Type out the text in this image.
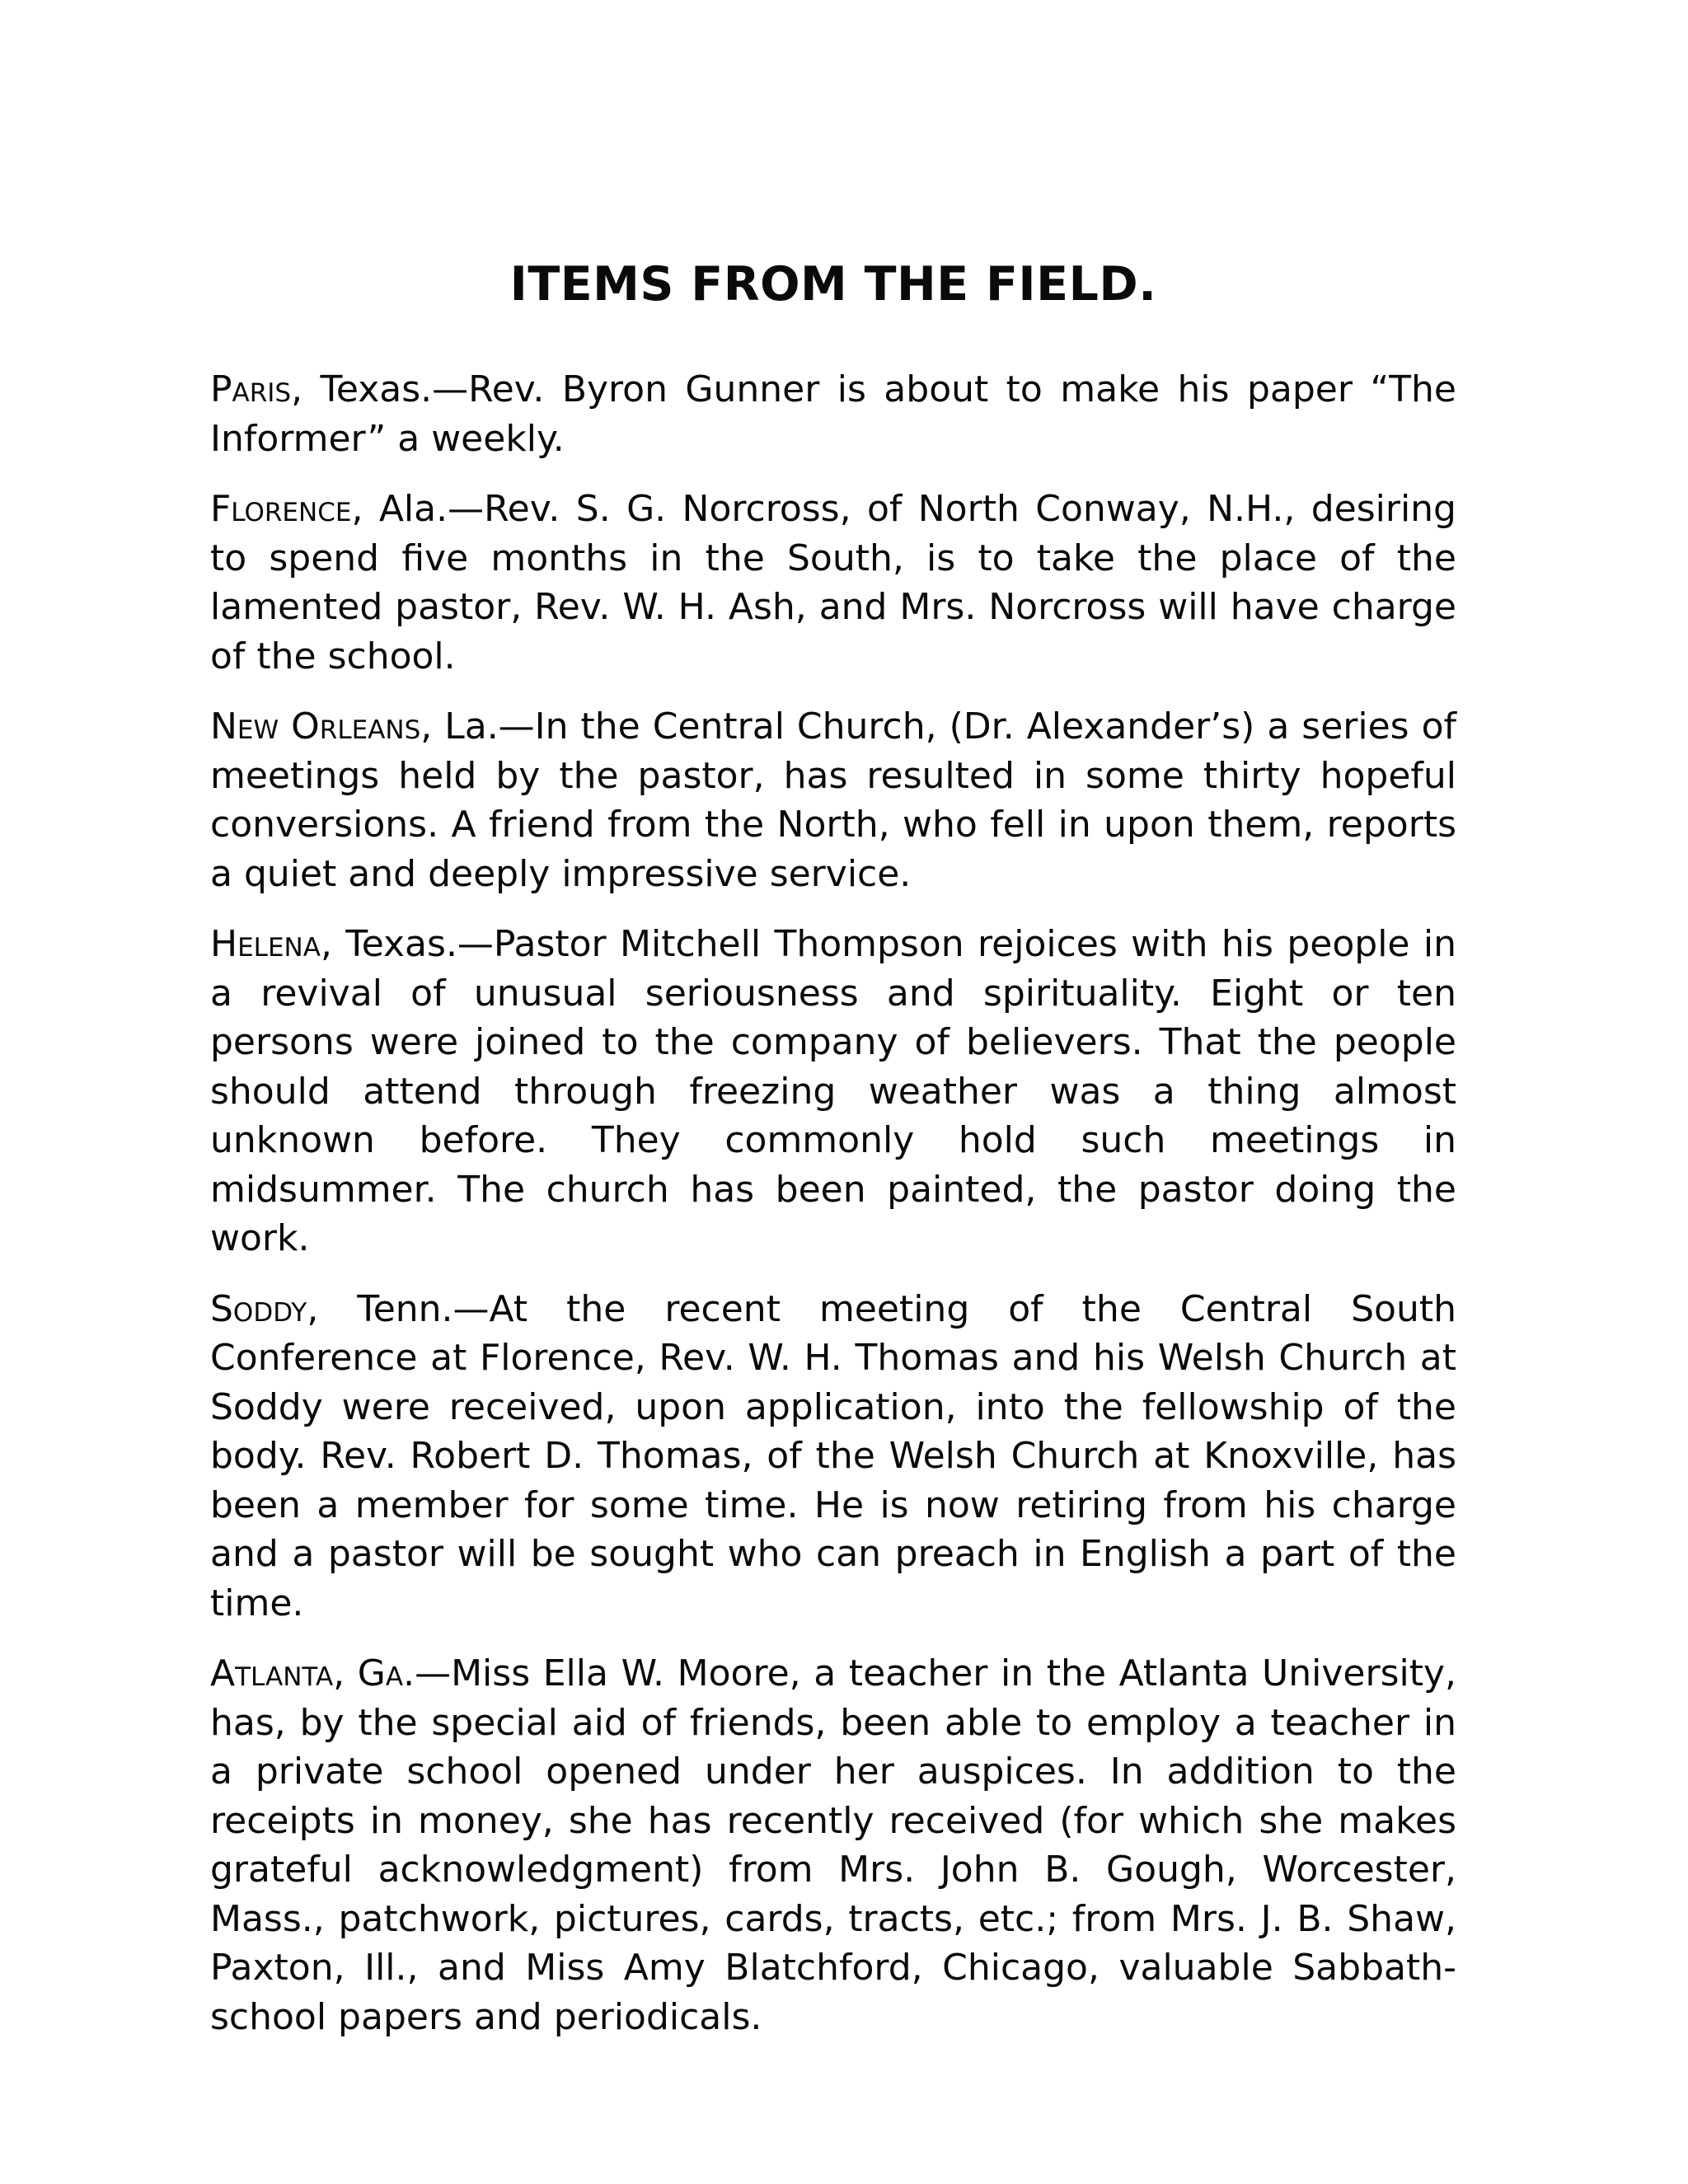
ITEMS FROM THE FIELD.

Paris, Texas.—Rev. Byron Gunner is about to make his paper “The Informer” a weekly.

Florence, Ala.—Rev. S. G. Norcross, of North Conway, N.H., desiring to spend five months in the South, is to take the place of the lamented pastor, Rev. W. H. Ash, and Mrs. Norcross will have charge of the school.

New Orleans, La.—In the Central Church, (Dr. Alexander’s) a series of meetings held by the pastor, has resulted in some thirty hopeful conversions. A friend from the North, who fell in upon them, reports a quiet and deeply impressive service.

Helena, Texas.—Pastor Mitchell Thompson rejoices with his people in a revival of unusual seriousness and spirituality. Eight or ten persons were joined to the company of believers. That the people should attend through freezing weather was a thing almost unknown before. They commonly hold such meetings in midsummer. The church has been painted, the pastor doing the work.

Soddy, Tenn.—At the recent meeting of the Central South Conference at Florence, Rev. W. H. Thomas and his Welsh Church at Soddy were received, upon application, into the fellowship of the body. Rev. Robert D. Thomas, of the Welsh Church at Knoxville, has been a member for some time. He is now retiring from his charge and a pastor will be sought who can preach in English a part of the time.

Atlanta, Ga.—Miss Ella W. Moore, a teacher in the Atlanta University, has, by the special aid of friends, been able to employ a teacher in a private school opened under her auspices. In addition to the receipts in money, she has recently received (for which she makes grateful acknowledgment) from Mrs. John B. Gough, Worcester, Mass., patchwork, pictures, cards, tracts, etc.; from Mrs. J. B. Shaw, Paxton, Ill., and Miss Amy Blatchford, Chicago, valuable Sabbath-school papers and periodicals.
